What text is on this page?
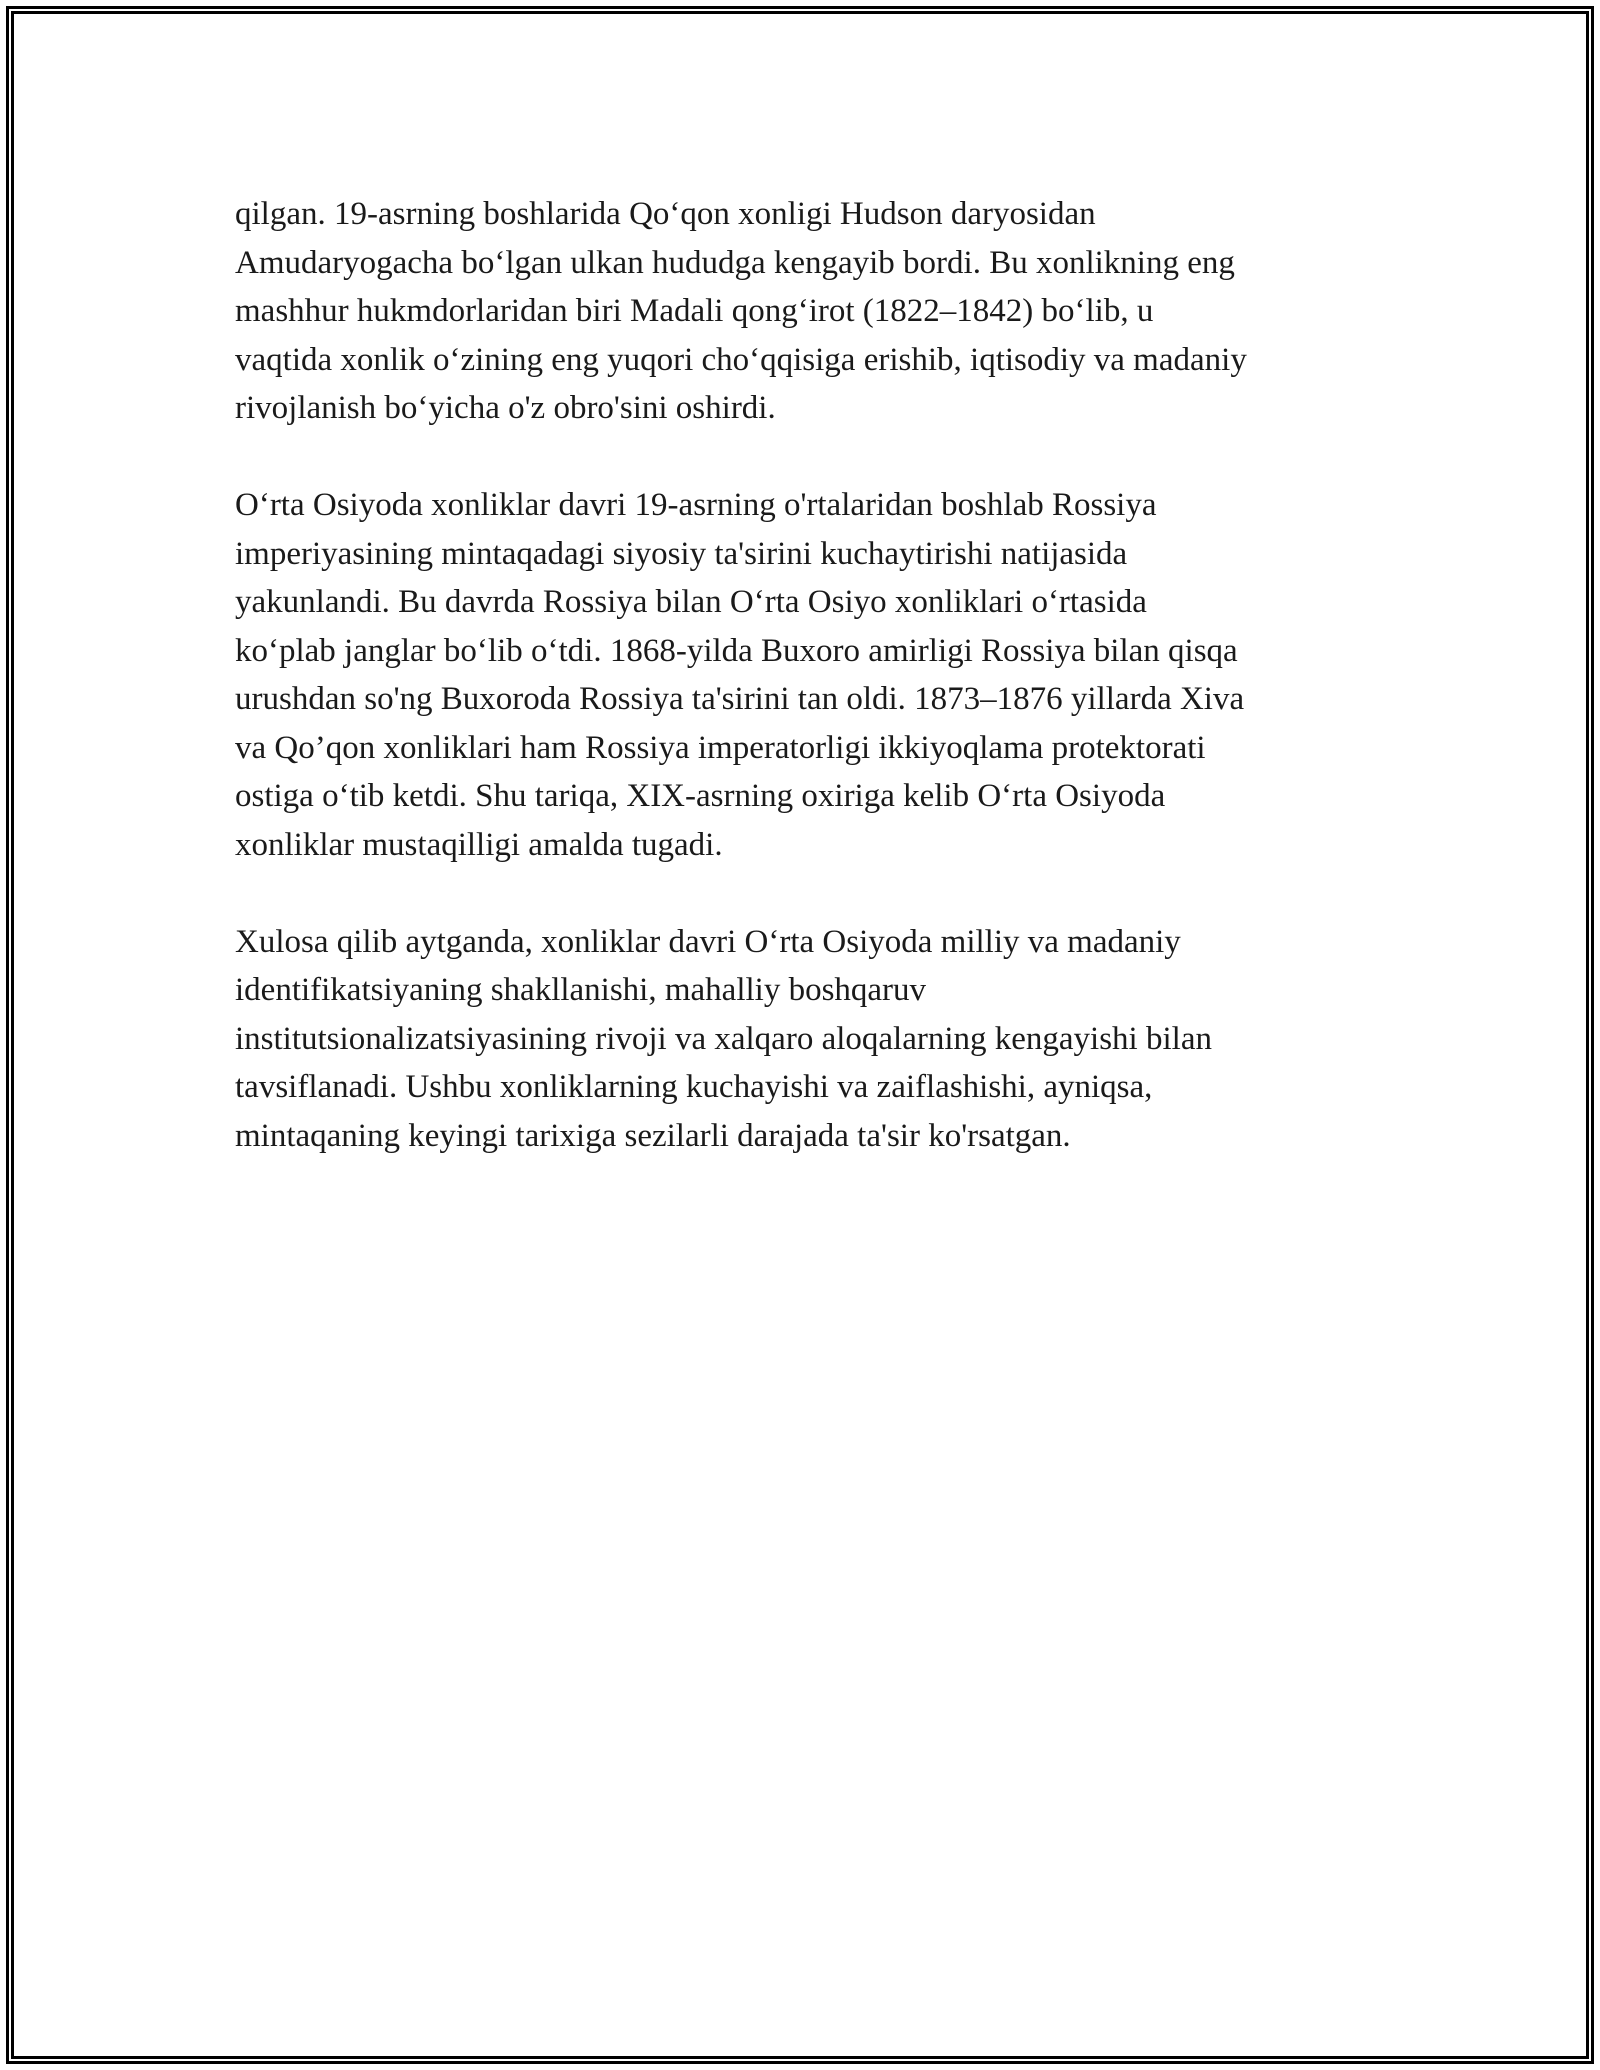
qilgan. 19-asrning boshlarida Qo‘qon xonligi Hudson daryosidan
Amudaryogacha bo‘lgan ulkan hududga kengayib bordi. Bu xonlikning eng
mashhur hukmdorlaridan biri Madali qong‘irot (1822–1842) bo‘lib, u
vaqtida xonlik o‘zining eng yuqori cho‘qqisiga erishib, iqtisodiy va madaniy
rivojlanish bo‘yicha o'z obro'sini oshirdi.

O‘rta Osiyoda xonliklar davri 19-asrning o'rtalaridan boshlab Rossiya
imperiyasining mintaqadagi siyosiy ta'sirini kuchaytirishi natijasida
yakunlandi. Bu davrda Rossiya bilan O‘rta Osiyo xonliklari o‘rtasida
ko‘plab janglar bo‘lib o‘tdi. 1868-yilda Buxoro amirligi Rossiya bilan qisqa
urushdan so'ng Buxoroda Rossiya ta'sirini tan oldi. 1873–1876 yillarda Xiva
va Qo’qon xonliklari ham Rossiya imperatorligi ikkiyoqlama protektorati
ostiga o‘tib ketdi. Shu tariqa, XIX-asrning oxiriga kelib O‘rta Osiyoda
xonliklar mustaqilligi amalda tugadi.

Xulosa qilib aytganda, xonliklar davri O‘rta Osiyoda milliy va madaniy
identifikatsiyaning shakllanishi, mahalliy boshqaruv
institutsionalizatsiyasining rivoji va xalqaro aloqalarning kengayishi bilan
tavsiflanadi. Ushbu xonliklarning kuchayishi va zaiflashishi, ayniqsa,
mintaqaning keyingi tarixiga sezilarli darajada ta'sir ko'rsatgan.
